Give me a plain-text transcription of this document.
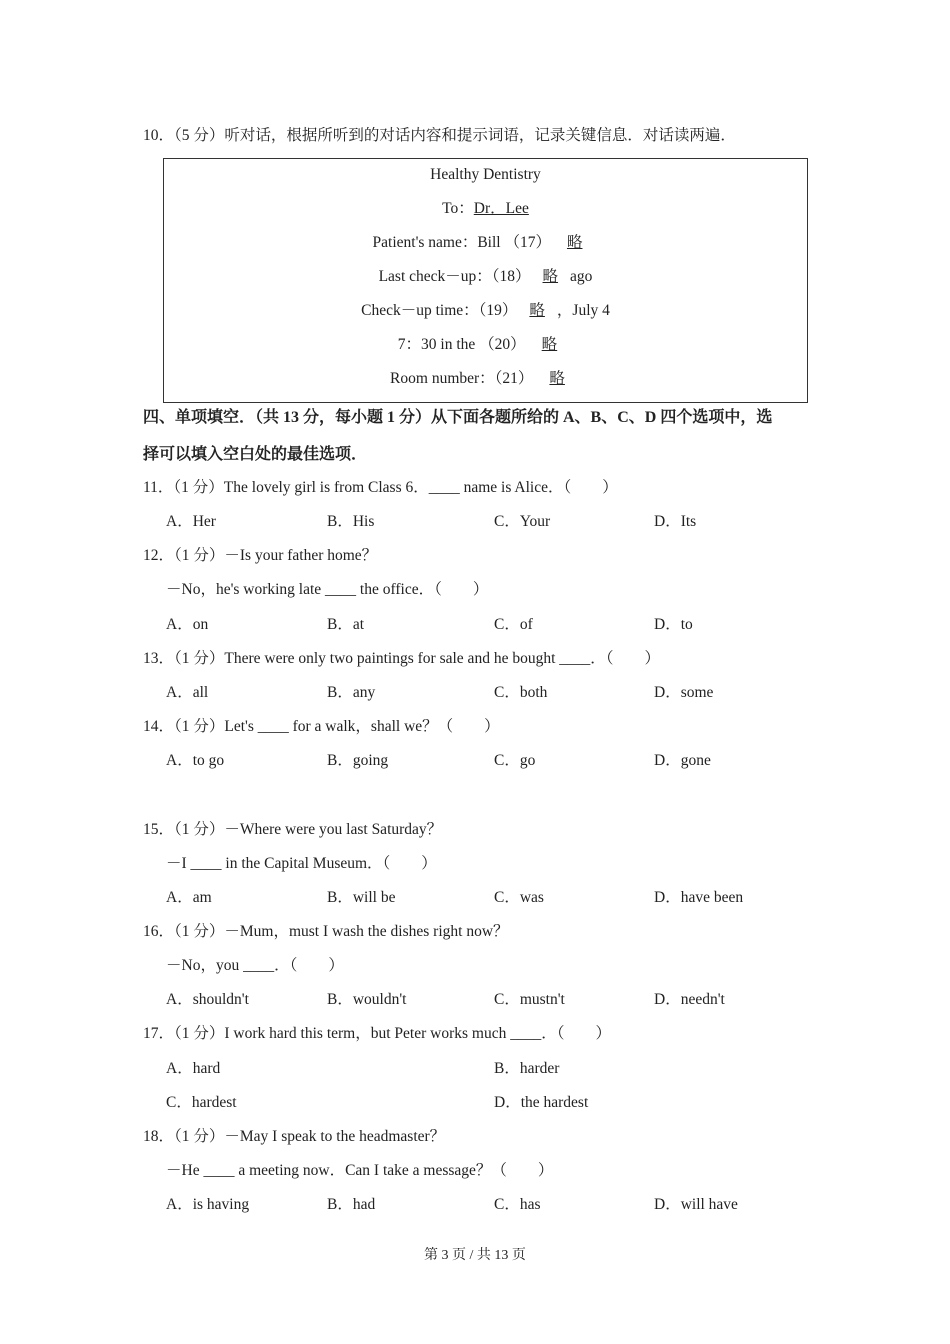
10．（5 分）听对话，根据所听到的对话内容和提示词语，记录关键信息．对话读两遍．
Healthy Dentistry
To：Dr．Lee
Patient's name：Bill （17） 略
Last check－up：（18） 略 ago
Check－up time：（19） 略 ，July 4
7：30 in the （20） 略
Room number：（21） 略
四、单项填空．（共 13 分，每小题 1 分）从下面各题所给的 A、B、C、D 四个选项中，选
择可以填入空白处的最佳选项．
11．（1 分）The lovely girl is from Class 6．____ name is Alice．（　　）
A．Her	B．His	C．Your	D．Its
12．（1 分）－Is your father home？
－No，he's working late ____ the office．（　　）
A．on	B．at	C．of	D．to
13．（1 分）There were only two paintings for sale and he bought ____．（　　）
A．all	B．any	C．both	D．some
14．（1 分）Let's ____ for a walk，shall we？（　　）
A．to go	B．going	C．go	D．gone
15．（1 分）－Where were you last Saturday？
－I ____ in the Capital Museum．（　　）
A．am	B．will be	C．was	D．have been
16．（1 分）－Mum，must I wash the dishes right now？
－No，you ____．（　　）
A．shouldn't	B．wouldn't	C．mustn't	D．needn't
17．（1 分）I work hard this term，but Peter works much ____．（　　）
A．hard	B．harder
C．hardest	D．the hardest
18．（1 分）－May I speak to the headmaster？
－He ____ a meeting now．Can I take a message？（　　）
A．is having	B．had	C．has	D．will have
第 3 页 / 共 13 页
